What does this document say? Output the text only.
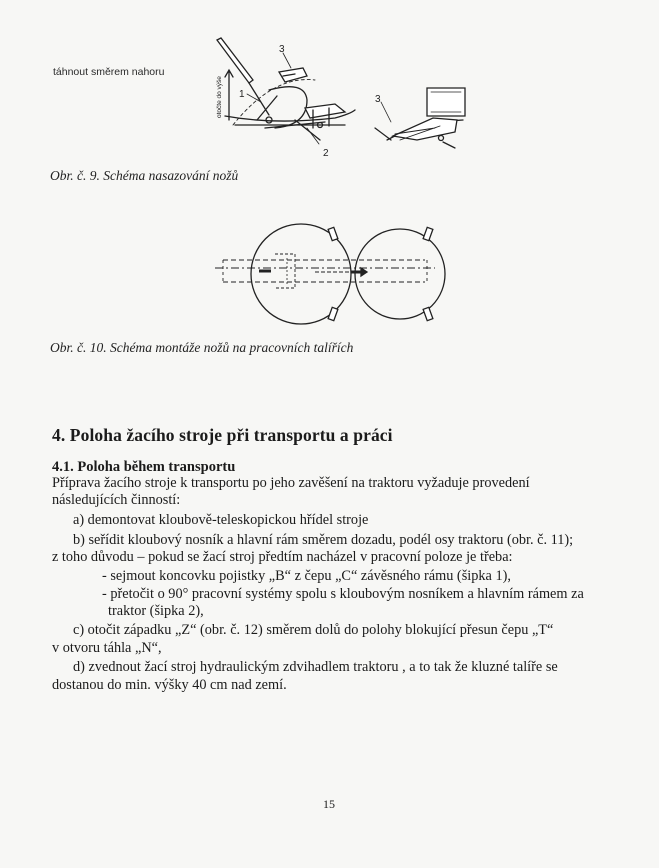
táhnout směrem nahoru
otočte do výše 1
2
3
3
Obr. č. 9. Schéma nasazování nožů
Obr. č. 10. Schéma montáže nožů na pracovních talířích
4. Poloha žacího stroje při transportu a práci
4.1. Poloha během transportu
Příprava žacího stroje k transportu po jeho zavěšení na traktoru vyžaduje provedení
následujících činností:
a) demontovat kloubově-teleskopickou hřídel stroje
b) seřídit kloubový nosník a hlavní rám směrem dozadu, podél osy traktoru (obr. č. 11);
z toho důvodu – pokud se žací stroj předtím nacházel v pracovní poloze je třeba:
- sejmout koncovku pojistky „B“ z čepu „C“ závěsného rámu (šipka 1),
- přetočit o 90° pracovní systémy spolu s kloubovým nosníkem a hlavním rámem za
traktor (šipka 2),
c) otočit západku „Z“ (obr. č. 12) směrem dolů do polohy blokující přesun čepu „T“
v otvoru táhla „N“,
d) zvednout žací stroj hydraulickým zdvihadlem traktoru , a to tak že kluzné talíře se
dostanou do min. výšky 40 cm nad zemí.
15
